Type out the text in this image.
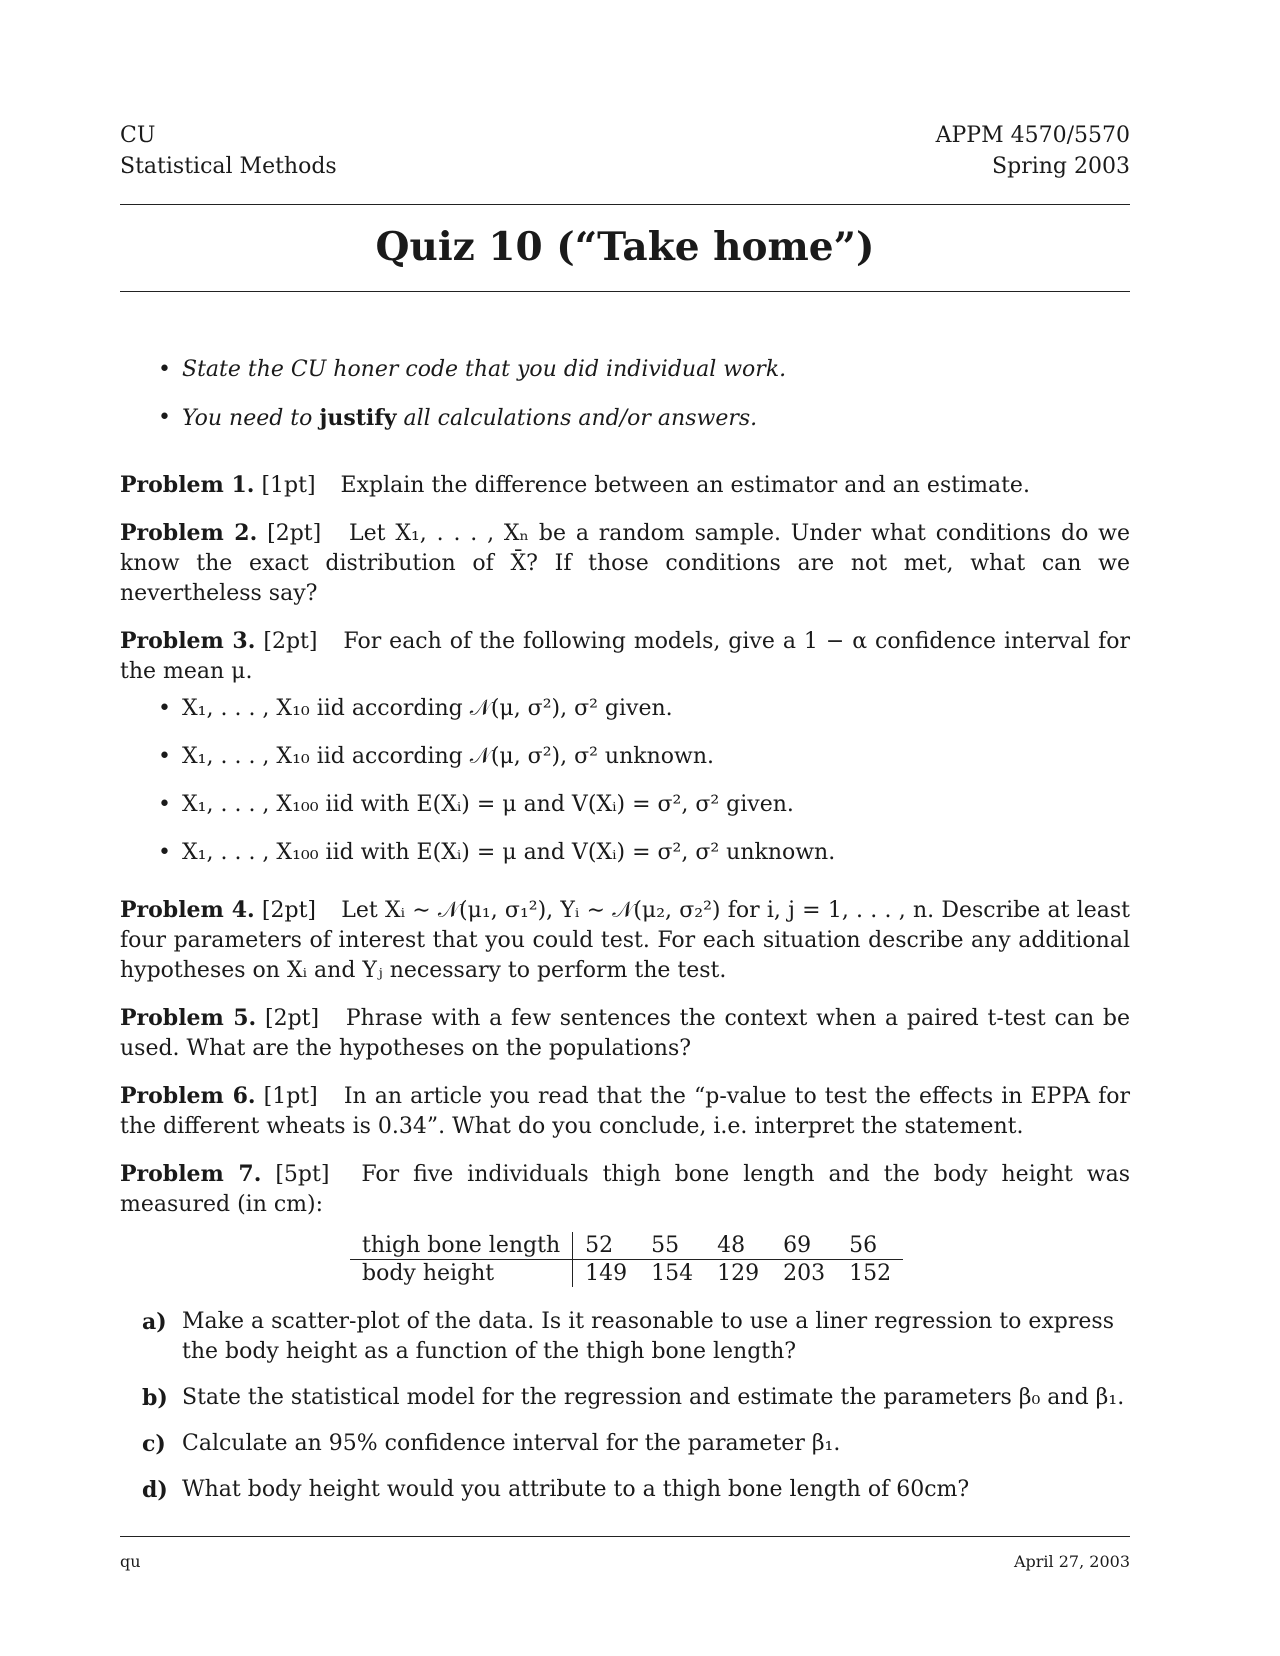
CU
Statistical Methods
APPM 4570/5570
Spring 2003
Quiz 10 (“Take home”)
• State the CU honer code that you did individual work.
• You need to justify all calculations and/or answers.

Problem 1. [1pt] Explain the difference between an estimator and an estimate.

Problem 2. [2pt] Let X₁, . . . , Xₙ be a random sample. Under what conditions do we know the exact distribution of X̄? If those conditions are not met, what can we nevertheless say?

Problem 3. [2pt] For each of the following models, give a 1 − α confidence interval for the mean μ.

• X₁, . . . , X₁₀ iid according 𝒩(μ, σ²), σ² given.
• X₁, . . . , X₁₀ iid according 𝒩(μ, σ²), σ² unknown.
• X₁, . . . , X₁₀₀ iid with E(Xᵢ) = μ and V(Xᵢ) = σ², σ² given.
• X₁, . . . , X₁₀₀ iid with E(Xᵢ) = μ and V(Xᵢ) = σ², σ² unknown.

Problem 4. [2pt] Let Xᵢ ∼ 𝒩(μ₁, σ₁²), Yᵢ ∼ 𝒩(μ₂, σ₂²) for i, j = 1, . . . , n. Describe at least four parameters of interest that you could test. For each situation describe any additional hypotheses on Xᵢ and Yⱼ necessary to perform the test.

Problem 5. [2pt] Phrase with a few sentences the context when a paired t-test can be used. What are the hypotheses on the populations?

Problem 6. [1pt] In an article you read that the “p-value to test the effects in EPPA for the different wheats is 0.34”. What do you conclude, i.e. interpret the statement.

Problem 7. [5pt] For five individuals thigh bone length and the body height was measured (in cm):

thigh bone length	52	55	48	69	56
body height	149	154	129	203	152
a) Make a scatter-plot of the data. Is it reasonable to use a liner regression to express the body height as a function of the thigh bone length?
b) State the statistical model for the regression and estimate the parameters β₀ and β₁.
c) Calculate an 95% confidence interval for the parameter β₁.
d) What body height would you attribute to a thigh bone length of 60cm?
qu	April 27, 2003
